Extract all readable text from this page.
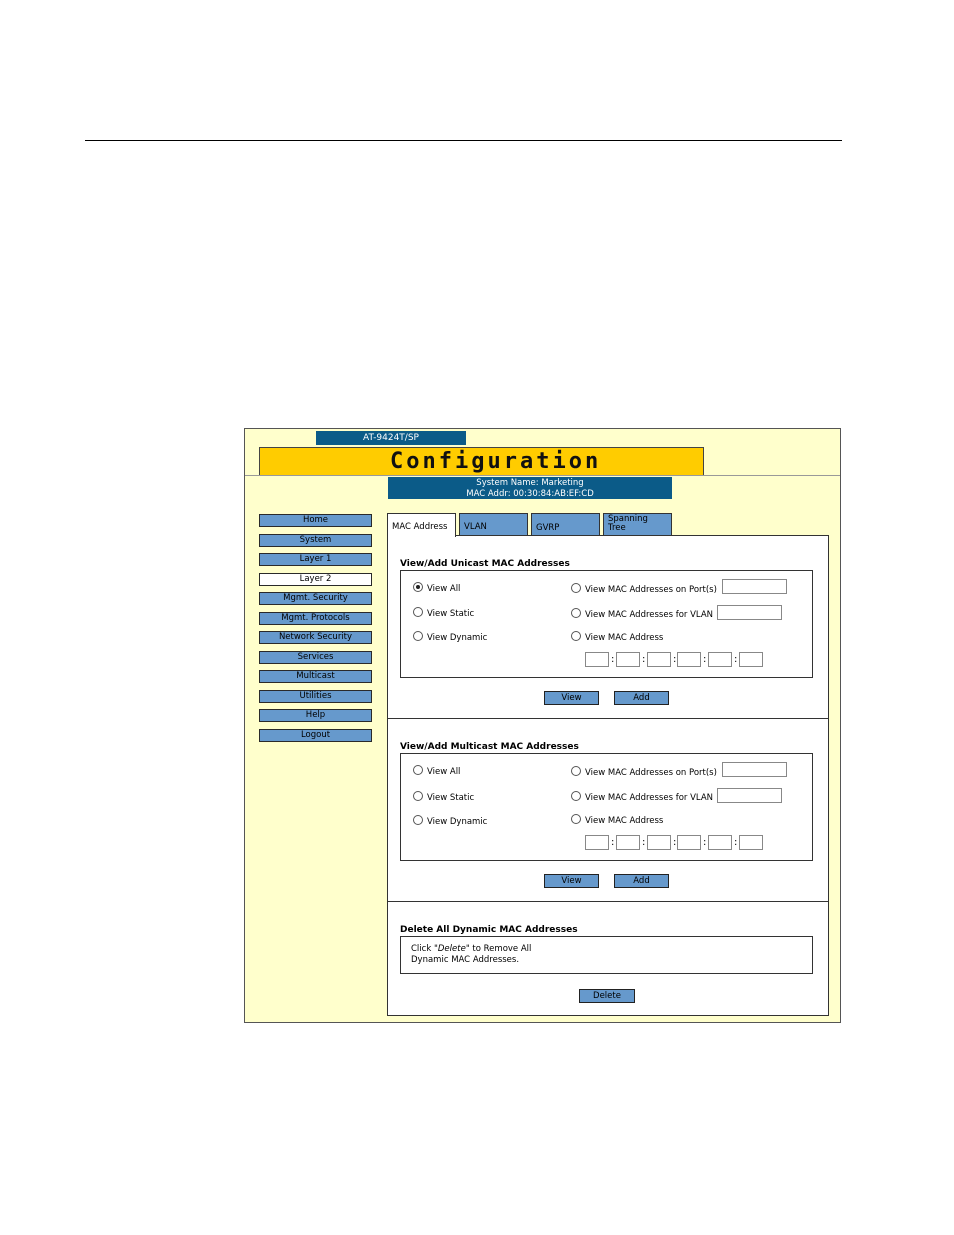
AT-9424T/SP
Configuration
System Name: Marketing
MAC Addr: 00:30:84:AB:EF:CD
Home
System
Layer 1
Layer 2
Mgmt. Security
Mgmt. Protocols
Network Security
Services
Multicast
Utilities
Help
Logout
MAC Address	VLAN	GVRP
Spanning
Tree
View/Add Unicast MAC Addresses
View All
View Static
View Dynamic
View MAC Addresses on Port(s)
View MAC Addresses for VLAN
View MAC Address
:	:	:	:	:
View	Add
View/Add Multicast MAC Addresses
View All
View Static
View Dynamic
View MAC Addresses on Port(s)
View MAC Addresses for VLAN
View MAC Address
:	:	:	:	:
View	Add
Delete All Dynamic MAC Addresses
Click "Delete" to Remove All
Dynamic MAC Addresses.
Delete
